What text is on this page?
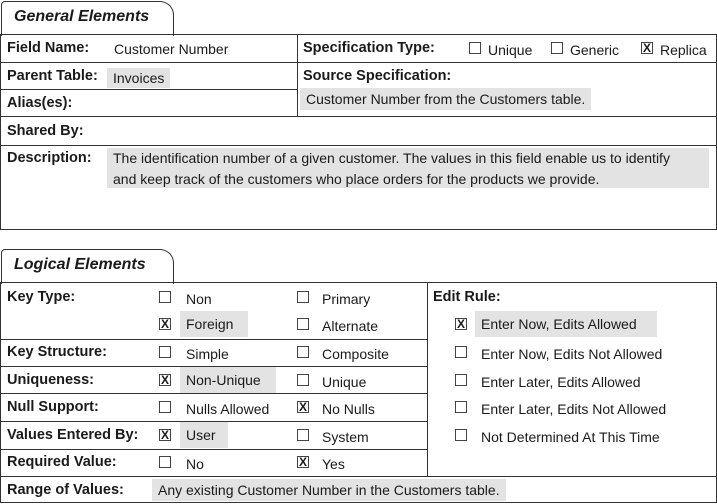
General Elements
Field Name: Customer Number	Specification Type:	Unique	Generic X Replica
Parent Table:	Invoices	Source Specification:
Customer Number from the Customers table.
Alias(es):
Shared By:
Description: The identification number of a given customer. The values in this field enable us to identify
and keep track of the customers who place orders for the products we provide.
Logical Elements
Key Type:	Non	Primary
X	Foreign	Alternate
Key Structure:	Simple	Composite
Uniqueness:	X	Non-Unique	Unique
Null Support:	Nulls Allowed X No Nulls
Values Entered By: X	User	System
Required Value:	No	X Yes
Edit Rule:
X	Enter Now, Edits Allowed
Enter Now, Edits Not Allowed
Enter Later, Edits Allowed
Enter Later, Edits Not Allowed
Not Determined At This Time
Range of Values:	Any existing Customer Number in the Customers table.
